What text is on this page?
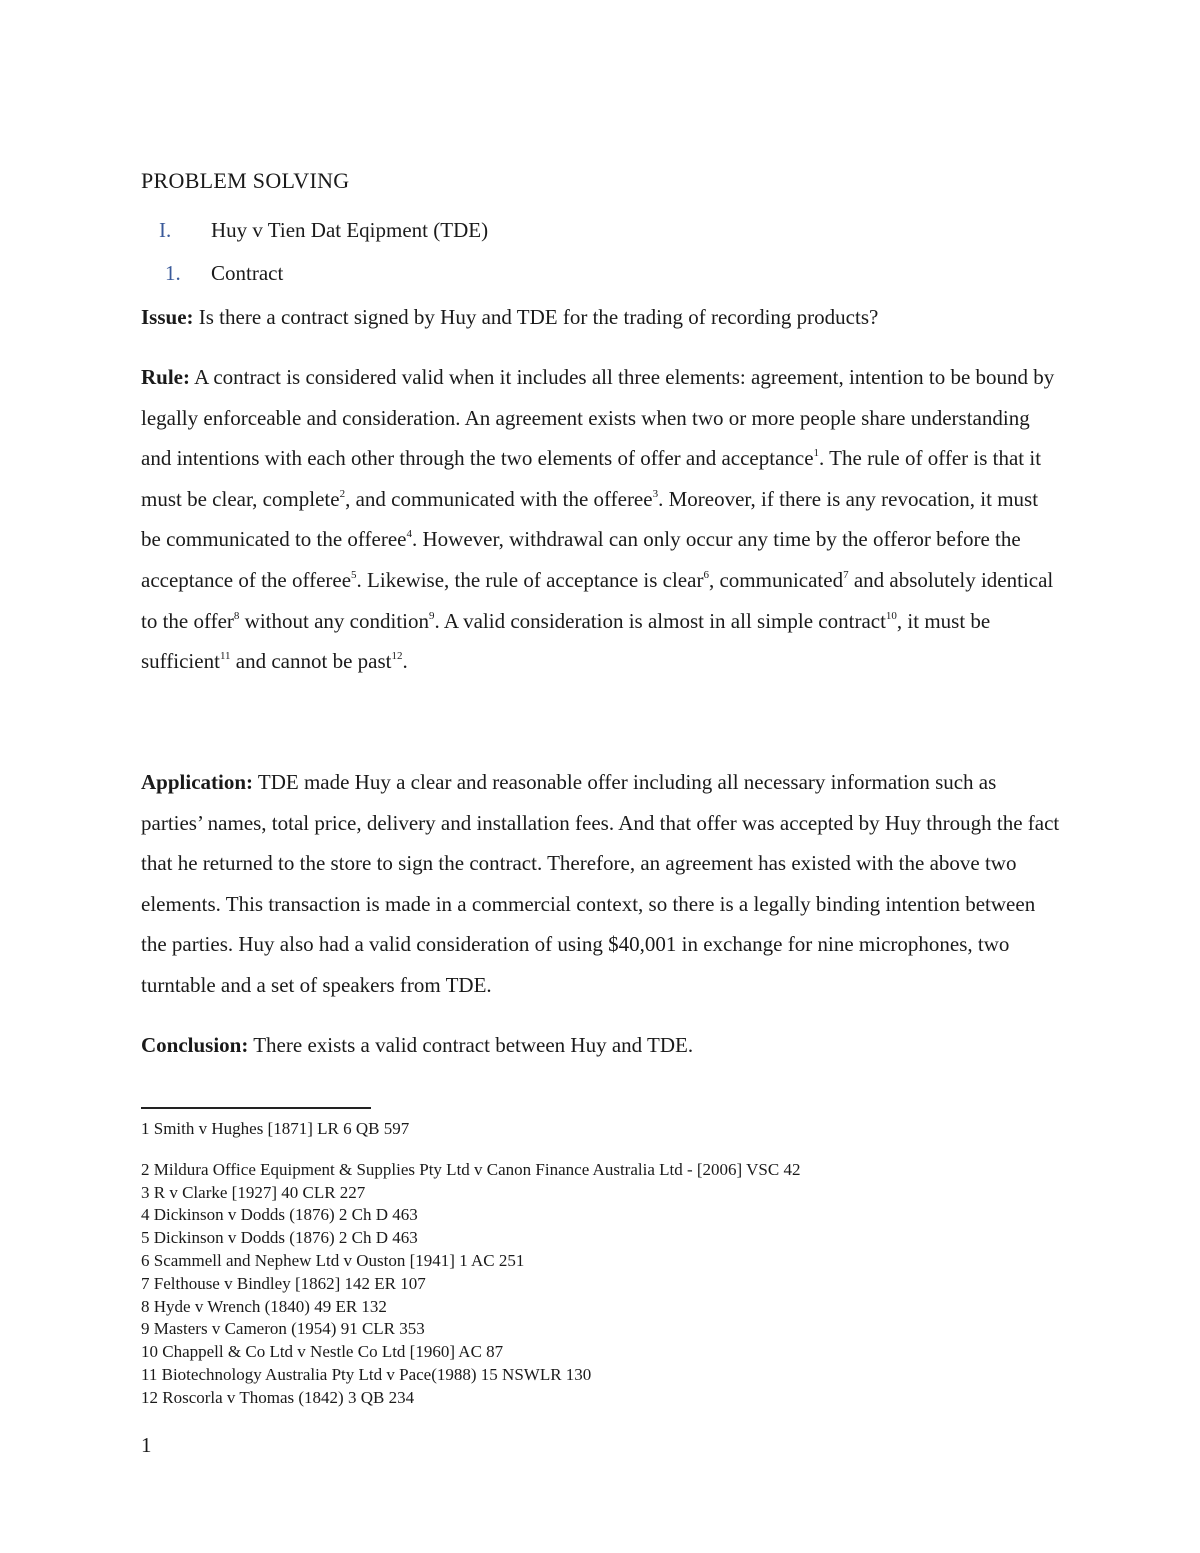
PROBLEM SOLVING
I. Huy v Tien Dat Eqipment (TDE)
1. Contract

Issue: Is there a contract signed by Huy and TDE for the trading of recording products?

Rule: A contract is considered valid when it includes all three elements: agreement, intention to be bound by legally enforceable and consideration. An agreement exists when two or more people share understanding and intentions with each other through the two elements of offer and acceptance$^1$. The rule of offer is that it must be clear, complete$^2$, and communicated with the offeree$^3$. Moreover, if there is any revocation, it must be communicated to the offeree$^4$. However, withdrawal can only occur any time by the offeror before the acceptance of the offeree$^5$. Likewise, the rule of acceptance is clear$^6$, communicated$^7$ and absolutely identical to the offer$^8$ without any condition$^9$. A valid consideration is almost in all simple contract$^{10}$, it must be sufficient$^{11}$ and cannot be past$^{12}$.

Application: TDE made Huy a clear and reasonable offer including all necessary information such as parties’ names, total price, delivery and installation fees. And that offer was accepted by Huy through the fact that he returned to the store to sign the contract. Therefore, an agreement has existed with the above two elements. This transaction is made in a commercial context, so there is a legally binding intention between the parties. Huy also had a valid consideration of using $40,001 in exchange for nine microphones, two turntable and a set of speakers from TDE.

Conclusion: There exists a valid contract between Huy and TDE.

1 Smith v Hughes [1871] LR 6 QB 597
2 Mildura Office Equipment & Supplies Pty Ltd v Canon Finance Australia Ltd - [2006] VSC 42
3 R v Clarke [1927] 40 CLR 227
4 Dickinson v Dodds (1876) 2 Ch D 463
5 Dickinson v Dodds (1876) 2 Ch D 463
6 Scammell and Nephew Ltd v Ouston [1941] 1 AC 251
7 Felthouse v Bindley [1862] 142 ER 107
8 Hyde v Wrench (1840) 49 ER 132
9 Masters v Cameron (1954) 91 CLR 353
10 Chappell & Co Ltd v Nestle Co Ltd [1960] AC 87
11 Biotechnology Australia Pty Ltd v Pace(1988) 15 NSWLR 130
12 Roscorla v Thomas (1842) 3 QB 234
1
